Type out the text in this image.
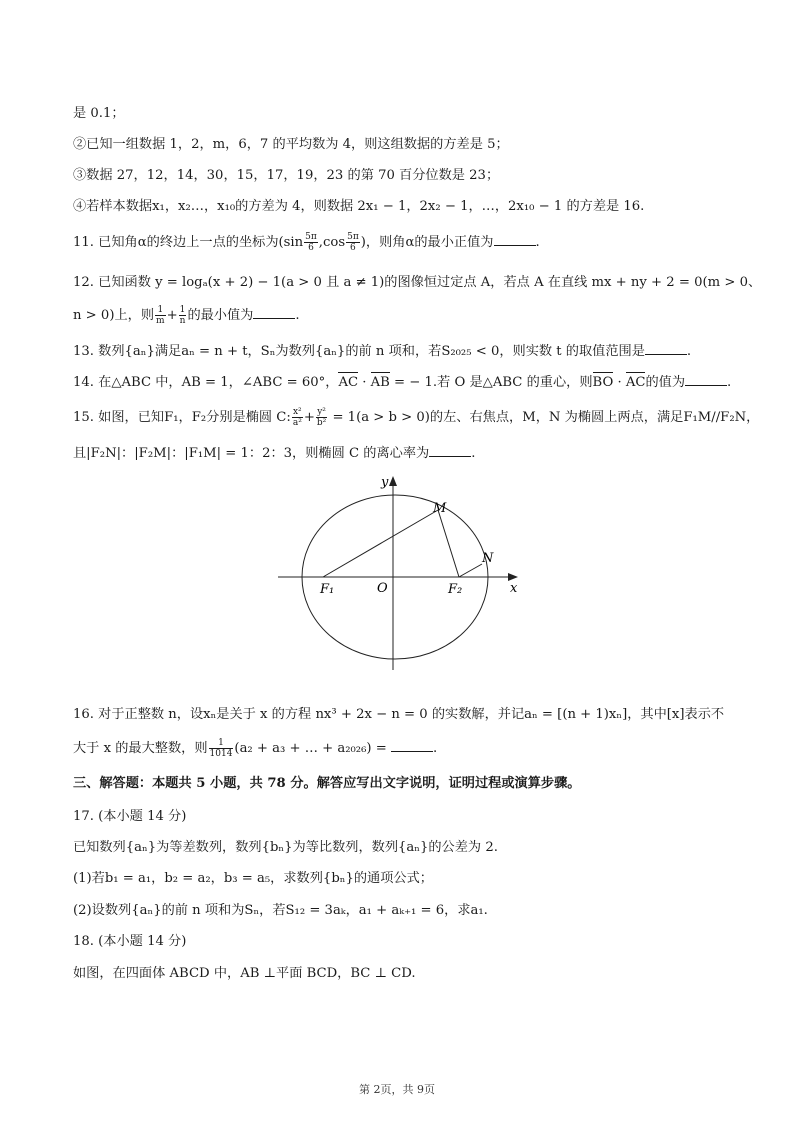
是 0.1；
②已知一组数据 1，2，m，6，7 的平均数为 4，则这组数据的方差是 5；
③数据 27，12，14，30，15，17，19，23 的第 70 百分位数是 23；
④若样本数据x₁，x₂…，x₁₀的方差为 4，则数据 2x₁ − 1，2x₂ − 1，…，2x₁₀ − 1 的方差是 16.
11. 已知角α的终边上一点的坐标为($\sin \frac{5\pi}{6} ,\cos \frac{5\pi}{6}$ )，则角α的最小正值为	.
12. 已知函数 y = logₐ(x + 2) − 1(a > 0 且 a ≠ 1)的图像恒过定点 A，若点 A 在直线 mx + ny + 2 = 0(m > 0、
n > 0)上，则 $\frac{1}{m} + \frac{1}{n}$ 的最小值为	.
13. 数列{aₙ}满足aₙ = n + t，Sₙ为数列{aₙ}的前 n 项和，若S₂₀₂₅ < 0，则实数 t 的取值范围是	.
14. 在△ABC 中，AB = 1，∠ABC = 60°，AC · AB = − 1.若 O 是△ABC 的重心，则BO · AC的值为	.
15. 如图，已知F₁，F₂分别是椭圆 C: $\frac{\text{x²}}{\text{a²}} + \frac{\text{y²}}{\text{b²}} = 1(a > b > 0)$的左、右焦点，M，N 为椭圆上两点，满足F₁M//F₂N，
且|F₂N|：|F₂M|：|F₁M| = 1：2：3，则椭圆 C 的离心率为	.
y
x
O
M
N
F₁	F₂
16. 对于正整数 n，设xₙ是关于 x 的方程 nx³ + 2x − n = 0 的实数解，并记aₙ = [(n + 1)xₙ]，其中[x]表示不
大于 x 的最大整数，则 $\frac{1}{1014} (a_2 + a_3$ + … + a₂₀₂₆) =	.
三、解答题：本题共 5 小题，共 78 分。解答应写出文字说明，证明过程或演算步骤。
17. (本小题 14 分)
已知数列{aₙ}为等差数列，数列{bₙ}为等比数列，数列{aₙ}的公差为 2.
(1)若b₁ = a₁，b₂ = a₂，b₃ = a₅，求数列{bₙ}的通项公式；
(2)设数列{aₙ}的前 n 项和为Sₙ，若S₁₂ = 3aₖ，a₁ + aₖ₊₁ = 6，求a₁.
18. (本小题 14 分)
如图，在四面体 ABCD 中，AB ⊥平面 BCD，BC ⊥ CD.
第 2页，共 9页
